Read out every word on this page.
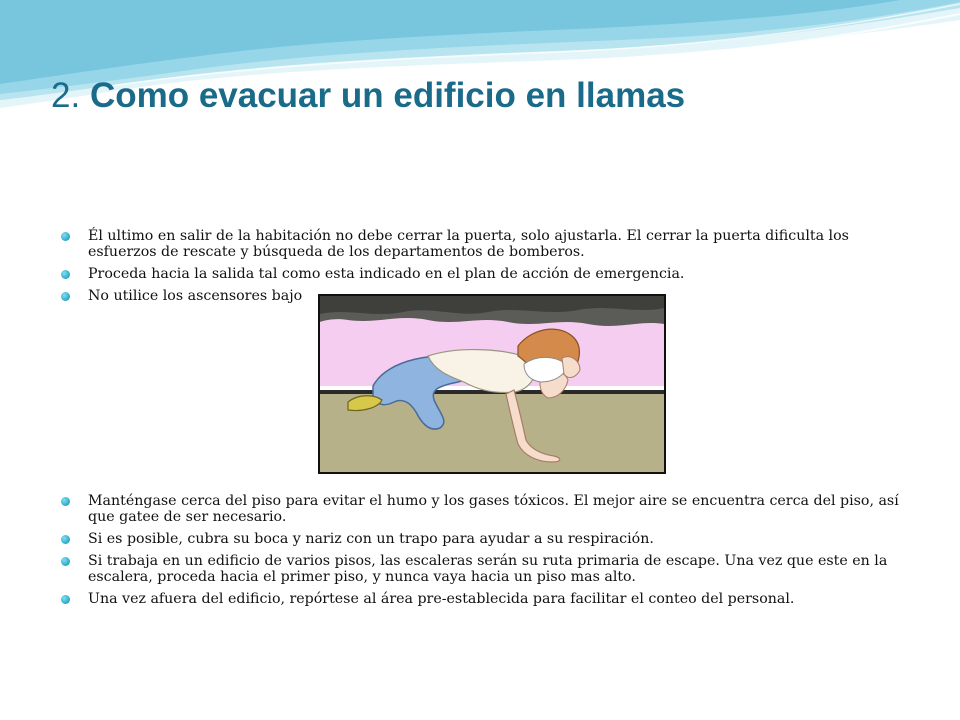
2. Como evacuar un edificio en llamas
Él ultimo en salir de la habitación no debe cerrar la puerta, solo ajustarla. El cerrar la puerta dificulta los esfuerzos de rescate y búsqueda de los departamentos de bomberos.
Proceda hacia la salida tal como esta indicado en el plan de acción de emergencia.
No utilice los ascensores bajo
Manténgase cerca del piso para evitar el humo y los gases tóxicos. El mejor aire se encuentra cerca del piso, así que gatee de ser necesario.
Si es posible, cubra su boca y nariz con un trapo para ayudar a su respiración.
Si trabaja en un edificio de varios pisos, las escaleras serán su ruta primaria de escape. Una vez que este en la escalera, proceda hacia el primer piso, y nunca vaya hacia un piso mas alto.
Una vez afuera del edificio, repórtese al área pre-establecida para facilitar el conteo del personal.
